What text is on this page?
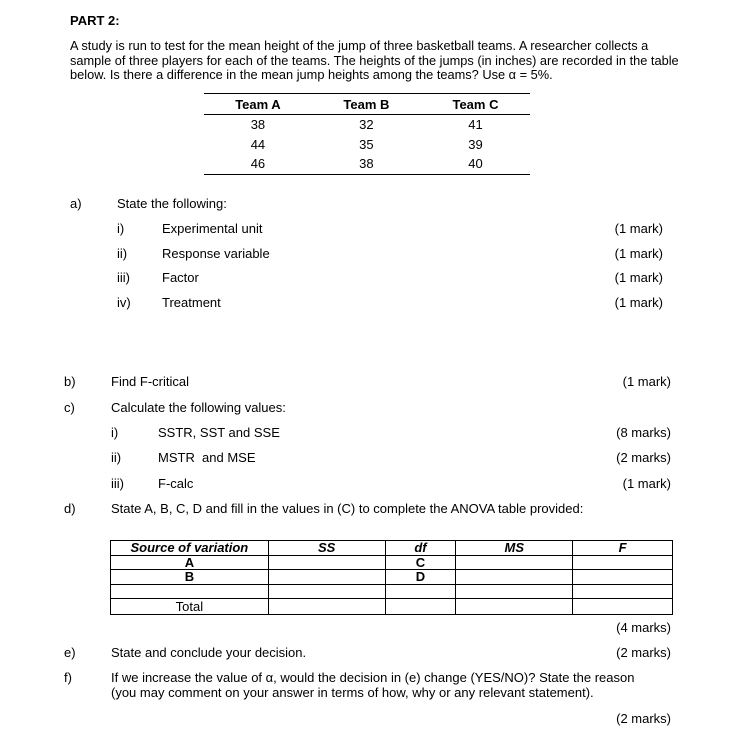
PART 2:
A study is run to test for the mean height of the jump of three basketball teams. A researcher collects a
sample of three players for each of the teams. The heights of the jumps (in inches) are recorded in the table
below. Is there a difference in the mean jump heights among the teams? Use α = 5%.
Team A	Team B	Team C
38	32	41
44	35	39
46	38	40
a)	State the following:
i)	Experimental unit	(1 mark)
ii)	Response variable	(1 mark)
iii) Factor	(1 mark)
iv) Treatment	(1 mark)
b)	Find F-critical	(1 mark)
c)	Calculate the following values:
i)	SSTR, SST and SSE	(8 marks)
ii)	MSTR  and MSE	(2 marks)
iii)	F-calc	(1 mark)
d)	State A, B, C, D and fill in the values in (C) to complete the ANOVA table provided:
Source of variation	SS	df	MS	F
A		C		
B		D		

Total				
(4 marks)
e)	State and conclude your decision.	(2 marks)
f)	If we increase the value of α, would the decision in (e) change (YES/NO)? State the reason
(you may comment on your answer in terms of how, why or any relevant statement).
(2 marks)
